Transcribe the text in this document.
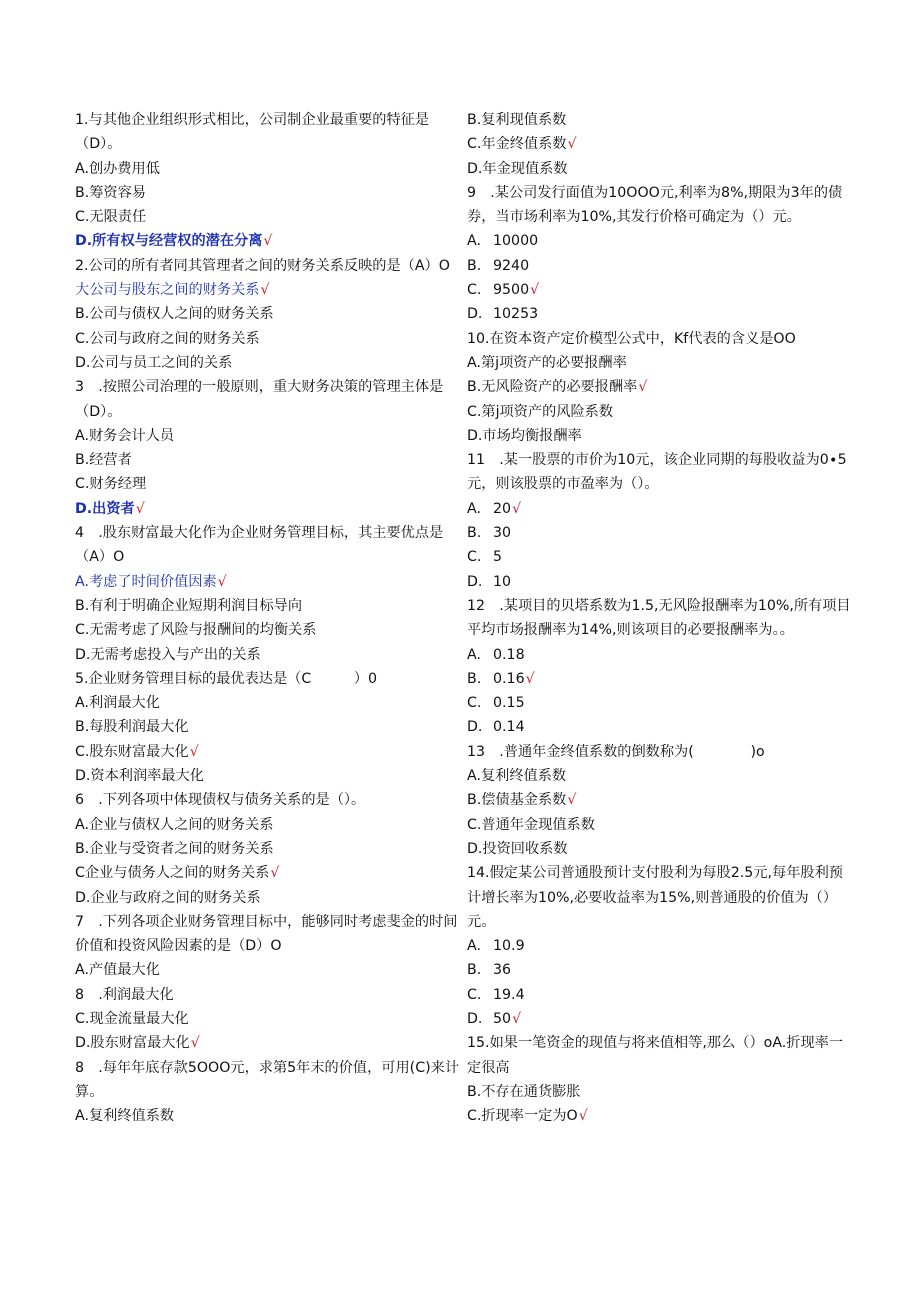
1.与其他企业组织形式相比，公司制企业最重要的特征是（D）。
A.创办费用低
B.筹资容易
C.无限责任
D.所有权与经营权的潜在分离 √
2.公司的所有者同其管理者之间的财务关系反映的是（A）O
大公司与股东之间的财务关系 √
B.公司与债权人之间的财务关系
C.公司与政府之间的财务关系
D.公司与员工之间的关系
3　.按照公司治理的一般原则，重大财务决策的管理主体是（D）。
A.财务会计人员
B.经营者
C.财务经理
D.出资者 √
4　.股东财富最大化作为企业财务管理目标，其主要优点是（A）O
A.考虑了时间价值因素 √
B.有利于明确企业短期利润目标导向
C.无需考虑了风险与报酬间的均衡关系
D.无需考虑投入与产出的关系
5.企业财务管理目标的最优表达是（C　　　）0
A.利润最大化
B.每股利润最大化
C.股东财富最大化 √
D.资本利润率最大化
6　.下列各项中体现债权与债务关系的是（）。
A.企业与债权人之间的财务关系
B.企业与受资者之间的财务关系
C企业与债务人之间的财务关系 √
D.企业与政府之间的财务关系
7　.下列各项企业财务管理目标中，能够同时考虑斐金的时间价值和投资风险因素的是（D）O
A.产值最大化
8　.利润最大化
C.现金流量最大化
D.股东财富最大化 √
8　.每年年底存款5OOO元，求第5年末的价值，可用(C)来计算。
A.复利终值系数
B.复利现值系数
C.年金终值系数 √
D.年金现值系数
9　.某公司发行面值为10OOO元,利率为8%,期限为3年的债券，当市场利率为10%,其发行价格可确定为（）元。
A. 10000
B. 9240
C. 9500 √
D. 10253
10.在资本资产定价模型公式中，Kf代表的含义是OO
A.第j项资产的必要报酬率
B.无风险资产的必要报酬率 √
C.第j项资产的风险系数
D.市场均衡报酬率
11　.某一股票的市价为10元，该企业同期的每股收益为0∙5元，则该股票的市盈率为（）。
A. 20 √
B. 30
C. 5
D. 10
12　.某项目的贝塔系数为1.5,无风险报酬率为10%,所有项目平均市场报酬率为14%,则该项目的必要报酬率为。。
A. 0.18
B. 0.16 √
C. 0.15
D. 0.14
13　.普通年金终值系数的倒数称为(　　　　)o
A.复利终值系数
B.偿债基金系数 √
C.普通年金现值系数
D.投资回收系数
14.假定某公司普通股预计支付股利为每股2.5元,每年股利预计增长率为10%,必要收益率为15%,则普通股的价值为（）元。
A. 10.9
B. 36
C. 19.4
D. 50 √
15.如果一笔资金的现值与将来值相等,那么（）oA.折现率一定很高
B.不存在通货膨胀
C.折现率一定为O √
